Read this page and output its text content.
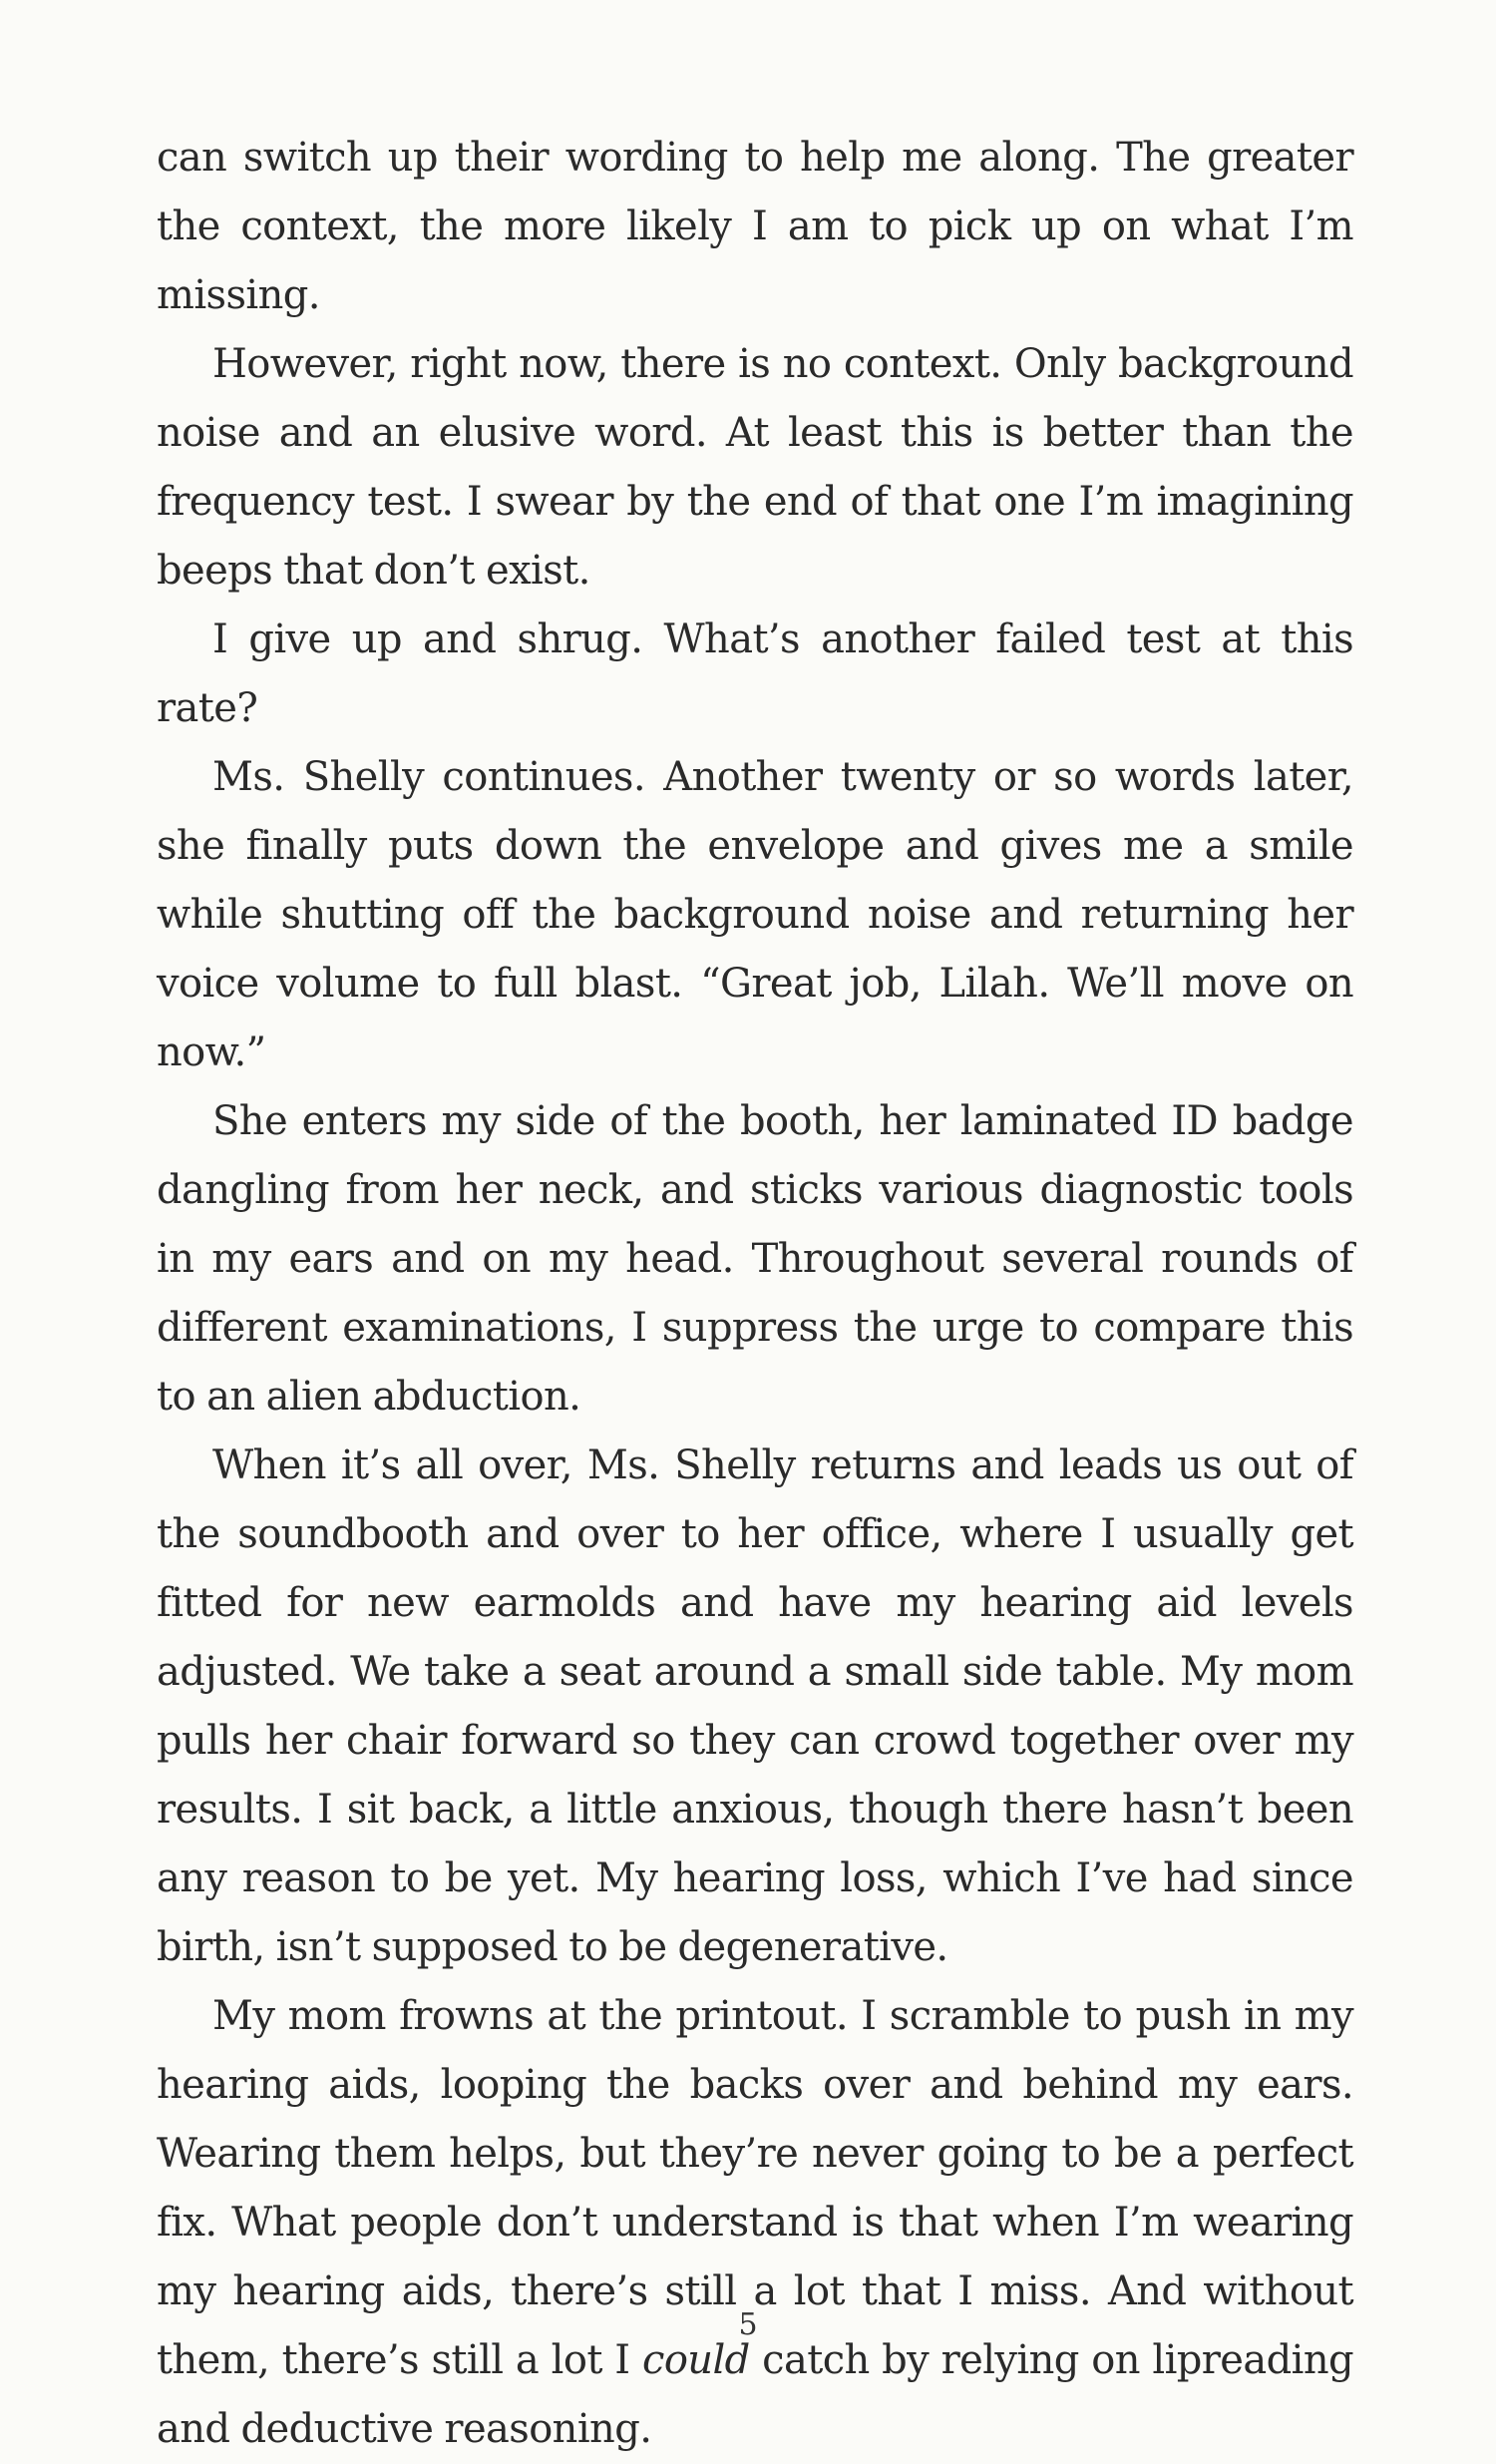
can switch up their wording to help me along. The greater the context, the more likely I am to pick up on what I’m missing.

However, right now, there is no context. Only background noise and an elusive word. At least this is better than the frequency test. I swear by the end of that one I’m imagining beeps that don’t exist.

I give up and shrug. What’s another failed test at this rate?

Ms. Shelly continues. Another twenty or so words later, she finally puts down the envelope and gives me a smile while shutting off the background noise and returning her voice volume to full blast. “Great job, Lilah. We’ll move on now.”

She enters my side of the booth, her laminated ID badge dangling from her neck, and sticks various diagnostic tools in my ears and on my head. Throughout several rounds of different examinations, I suppress the urge to compare this to an alien abduction.

When it’s all over, Ms. Shelly returns and leads us out of the soundbooth and over to her office, where I usually get fitted for new earmolds and have my hearing aid levels adjusted. We take a seat around a small side table. My mom pulls her chair forward so they can crowd together over my results. I sit back, a little anxious, though there hasn’t been any reason to be yet. My hearing loss, which I’ve had since birth, isn’t supposed to be degenerative.

My mom frowns at the printout. I scramble to push in my hearing aids, looping the backs over and behind my ears. Wearing them helps, but they’re never going to be a perfect fix. What people don’t understand is that when I’m wearing my hearing aids, there’s still a lot that I miss. And without them, there’s still a lot I could catch by relying on lipreading and deductive reasoning.

5
